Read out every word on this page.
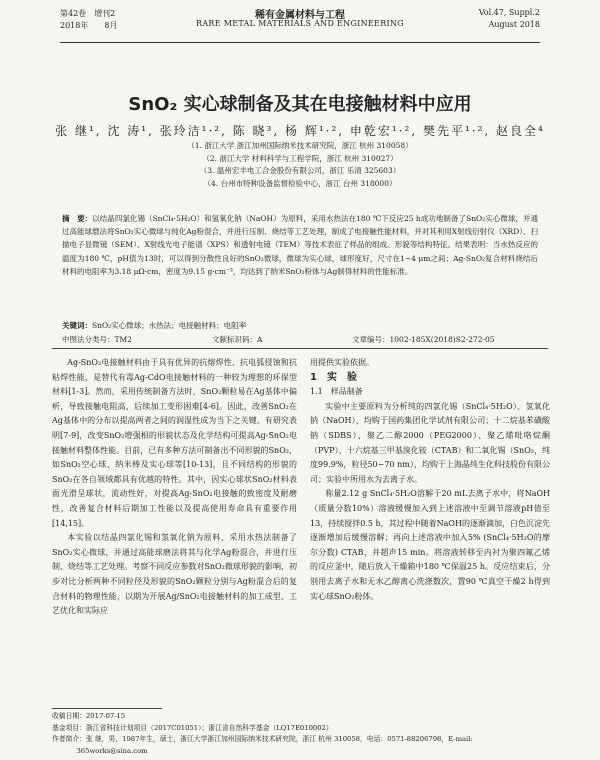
第42卷　 增刊2
2018年　　 8月
稀有金属材料与工程
RARE METAL MATERIALS AND ENGINEERING
Vol.47, Suppl.2
August 2018
SnO₂ 实心球制备及其在电接触材料中应用
张 继¹, 沈 涛¹, 张玲洁¹·², 陈 晓³, 杨 辉¹·², 申乾宏¹·², 樊先平¹·², 赵良全⁴
（1. 浙江大学 浙江加州国际纳米技术研究院，浙江 杭州 310058）
（2. 浙江大学 材料科学与工程学院，浙江 杭州 310027）
（3. 温州宏丰电工合金股份有限公司，浙江 乐清 325603）
（4. 台州市特种设备监督检验中心，浙江 台州 318000）
摘　要：以结晶四氯化锡（SnCl₄·5H₂O）和氢氧化钠（NaOH）为原料，采用水热法在180 ℃下反应25 h成功地制备了SnO₂实心微球，并通过高能球磨法将SnO₂实心微球与纯化Ag粉混合，并进行压制、烧结等工艺处理，制成了电接触性能材料，并对其利用X射线衍射仪（XRD）、扫描电子显微镜（SEM）、X射线光电子能谱（XPS）和透射电镜（TEM）等技术表征了样品的组成、形貌等结构特征。结果表明：当水热反应的温度为180 ℃，pH值为13时，可以得到分散性良好的SnO₂微球，微球为实心球，球形度好，尺寸在1~4 μm之间；Ag-SnO₂复合材料烧结后材料的电阻率为3.18 μΩ·cm，密度为9.15 g·cm⁻³，均达到了纳米SnO₂粉体与Ag制得材料的性能标准。
关键词：SnO₂实心微球；水热法；电接触材料；电阻率
中图法分类号：TM2	文献标识码：A	文章编号：1002-185X(2018)S2-272-05

Ag-SnO₂电接触材料由于具有优异的抗熔焊性、抗电弧侵蚀和抗粘焊性能，是替代有毒Ag-CdO电接触材料的一种较为理想的环保型材料[1-3]。然而，采用传统制备方法时，SnO₂颗粒易在Ag基体中偏析，导致接触电阻高，后续加工变形困难[4-6]。因此，改善SnO₂在Ag基体中的分布以提高两者之间的润湿性成为当下之关键。有研究表明[7-9]，改变SnO₂增强相的形貌状态及化学结构可提高Ag-SnO₂电接触材料整体性能。目前，已有多种方法可制备出不同形貌的SnO₂，如SnO₂空心球、纳米棒及实心球等[10-13]，且不同结构的形貌的SnO₂在各自领域都具有优越的特性。其中，因实心球状SnO₂材料表面光滑呈球状，流动性好，对提高Ag-SnO₂电接触的致密度及耐磨性，改善复合材料后期加工性能以及提高使用寿命具有重要作用[14,15]。

本实验以结晶四氯化锡和氢氧化钠为原料，采用水热法制备了SnO₂实心微球，并通过高能球磨法将其与化学Ag粉混合，并进行压制、烧结等工艺处理。考察不同反应参数对SnO₂微球形貌的影响，初步对比分析两种不同粒径及形貌的SnO₂颗粒分别与Ag粉混合后的复合材料的物理性能，以期为开展Ag/SnO₂电接触材料的加工成型、工艺优化和实际应

用提供实验依据。

1　实　验

1.1　样品制备

实验中主要原料为分析纯的四氯化锡（SnCl₄·5H₂O）、氢氧化钠（NaOH），均购于国药集团化学试剂有限公司；十二烷基苯磺酸钠（SDBS）、聚乙二醇2000（PEG2000）、聚乙烯吡咯烷酮（PVP）、十六烷基三甲基溴化铵（CTAB）和二氧化锡（SnO₂，纯度99.9%，粒径50~70 nm），均购于上海晶纯生化科技股份有限公司；实验中所用水为去离子水。

称量2.12 g SnCl₄·5H₂O溶解于20 mL去离子水中，将NaOH（质量分数10%）溶液缓慢加入到上述溶液中至调节溶液pH值至13，持续搅拌0.5 h，其过程中随着NaOH的逐渐滴加，白色沉淀先逐渐增加后缓慢溶解；再向上述溶液中加入5% (SnCl₄·5H₂O的摩尔分数) CTAB，并超声15 min。将溶液转移至内衬为聚四氟乙烯的反应釜中，随后放入干燥箱中180 ℃保温25 h。反应结束后，分别用去离子水和无水乙醇离心洗涤数次，置90 ℃真空干燥2 h得到实心球SnO₂粉体。

收稿日期：2017-07-15
基金项目：浙江省科技计划项目（2017C01051）；浙江省自然科学基金（LQ17E010002）
作者简介：张 继，男，1987年生，硕士，浙江大学浙江加州国际纳米技术研究院，浙江 杭州 310058，电话：0571-88206798，E-mail:
365works@sina.com
